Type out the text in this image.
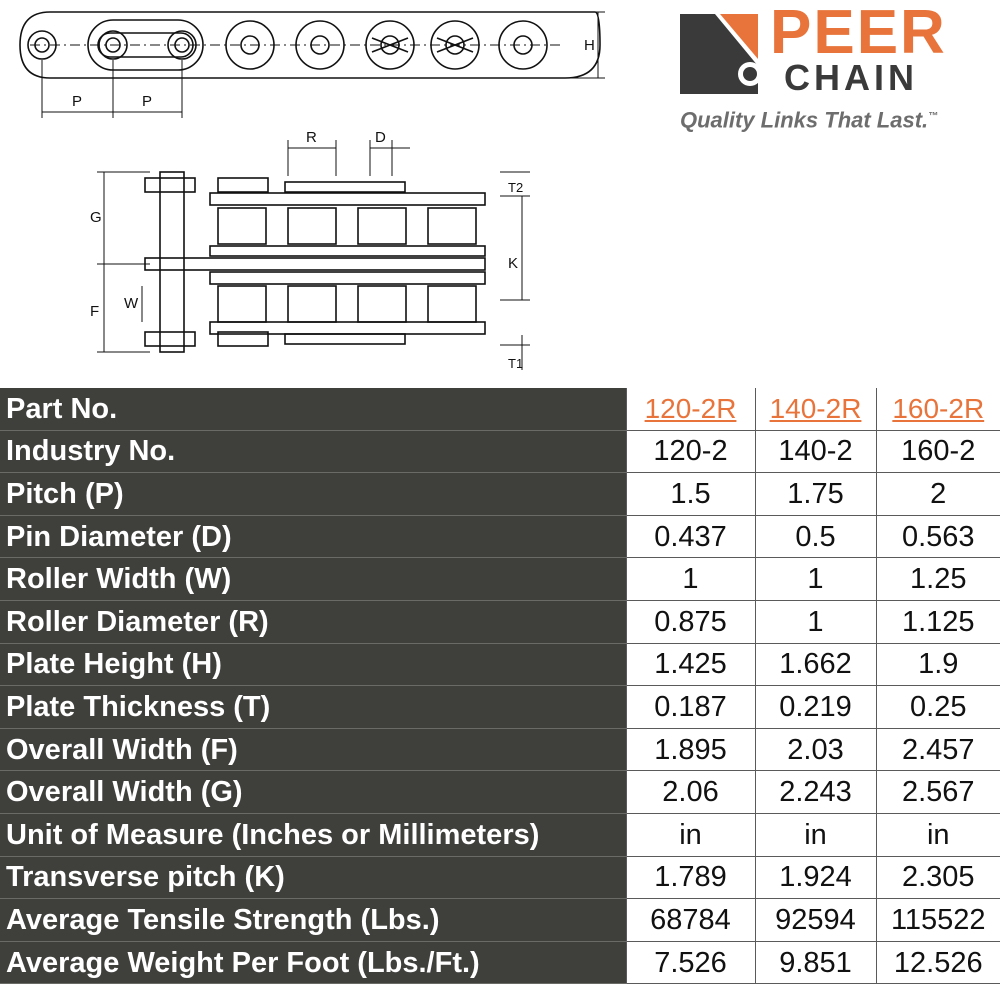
P	P
H
R	D
T2
G
K
F W
T1
PEER
CHAIN
Quality Links That Last.™
Part No.	120-2R	140-2R	160-2R
Industry No.	120-2	140-2	160-2
Pitch (P)	1.5	1.75	2
Pin Diameter (D)	0.437	0.5	0.563
Roller Width (W)	1	1	1.25
Roller Diameter (R)	0.875	1	1.125
Plate Height (H)	1.425	1.662	1.9
Plate Thickness (T)	0.187	0.219	0.25
Overall Width (F)	1.895	2.03	2.457
Overall Width (G)	2.06	2.243	2.567
Unit of Measure (Inches or Millimeters)	in	in	in
Transverse pitch (K)	1.789	1.924	2.305
Average Tensile Strength (Lbs.)	68784	92594	115522
Average Weight Per Foot (Lbs./Ft.)	7.526	9.851	12.526
